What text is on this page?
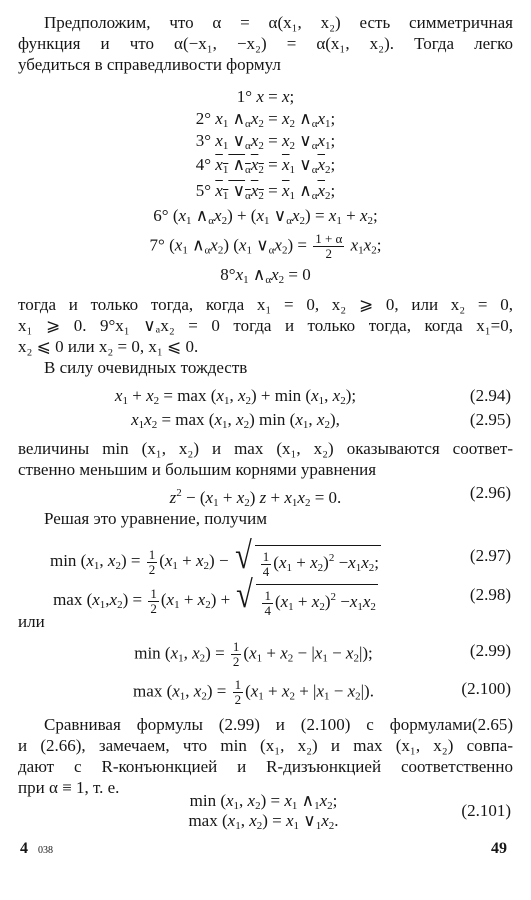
Предположим, что α = α(x₁, x₂) есть симметричная

функция и что α(−x₁, −x₂) = α(x₁, x₂). Тогда легко

убедиться в справедливости формул

1° x = x;
2° $x_1$ $\wedge_\alpha x_2 = x_2$ $\wedge_\alpha x_1$;
3° $x_1$ $\vee_\alpha x_2 = x_2$ $\vee_\alpha x_1$;
4° $x_1$ $\wedge_\alpha x_2 = \overline{x}_1$ $\vee_\alpha\overline{x}_2$;
5° $x_1$ $\vee_\alpha x_2 = \overline{x}_1$ $\wedge_\alpha\overline{x}_2$;
6° ($x_1$ $\wedge_\alpha x_2) + (x_1$ $\vee_\alpha x_2) = x_1 + x_2$;
7° ($x_1$ $\wedge_\alpha x_2$) ($x_1$ $\vee_\alpha x_2) = \frac{1 + \alpha}{2} x_1x_2$;
$8^\circ x_1$ $\wedge_\alpha x_2 = 0$

тогда и только тогда, когда x₁ = 0, x₂ ⩾ 0, или x₂ = 0,

x₁ ⩾ 0. 9°x₁ ∨ₐx₂ = 0 тогда и только тогда, когда x₁=0,

x₂ ⩽ 0 или x₂ = 0, x₁ ⩽ 0.

В силу очевидных тождеств

$x_1 + x_2 = \max (x_1$, $x_2) + \min (x_1$, $x_2$);	(2.94)
$x_1x_2 = \max (x_1$, $x_2$) $\min (x_1$, $x_2$),	(2.95)

величины min (x₁, x₂) и max (x₁, x₂) оказываются соответ-

ственно меньшим и большим корнями уравнения

$z^2 - (x_1 + x_2) z + x_1x_2 = 0$.	(2.96)

Решая это уравнение, получим

$\min (x_1$, $x_2) = \frac{1}{2} (x_1 + x_2)$ − √ $\frac{1}{4} (x_1 + x_2)^2 -x_1x_2$;	(2.97)
$\max (x_1,x_2) = \frac{1}{2} (x_1 + x_2)$ + √ $\frac{1}{4} (x_1 + x_2)^2 -x_1x_2$
(2.98)

или

$\min (x_1$, $x_2) = \frac{1}{2} (x_1 + x_2 - |x_1 - x_2|)$;	(2.99)
$\max (x_1$, $x_2) = \frac{1}{2} (x_1 + x_2 + |x_1 - x_2|)$.	(2.100)

Сравнивая формулы (2.99) и (2.100) с формулами(2.65)

и (2.66), замечаем, что min (x₁, x₂) и max (x₁, x₂) совпа-

дают с R-конъюнкцией и R-дизъюнкцией соответственно

при α ≡ 1, т. е.

$\min (x_1$, $x_2) = x_1$ $\wedge_1x_2$;
$\max (x_1$, $x_2) = x_1$ $\vee_1x_2$.
(2.101)
4 038	49
